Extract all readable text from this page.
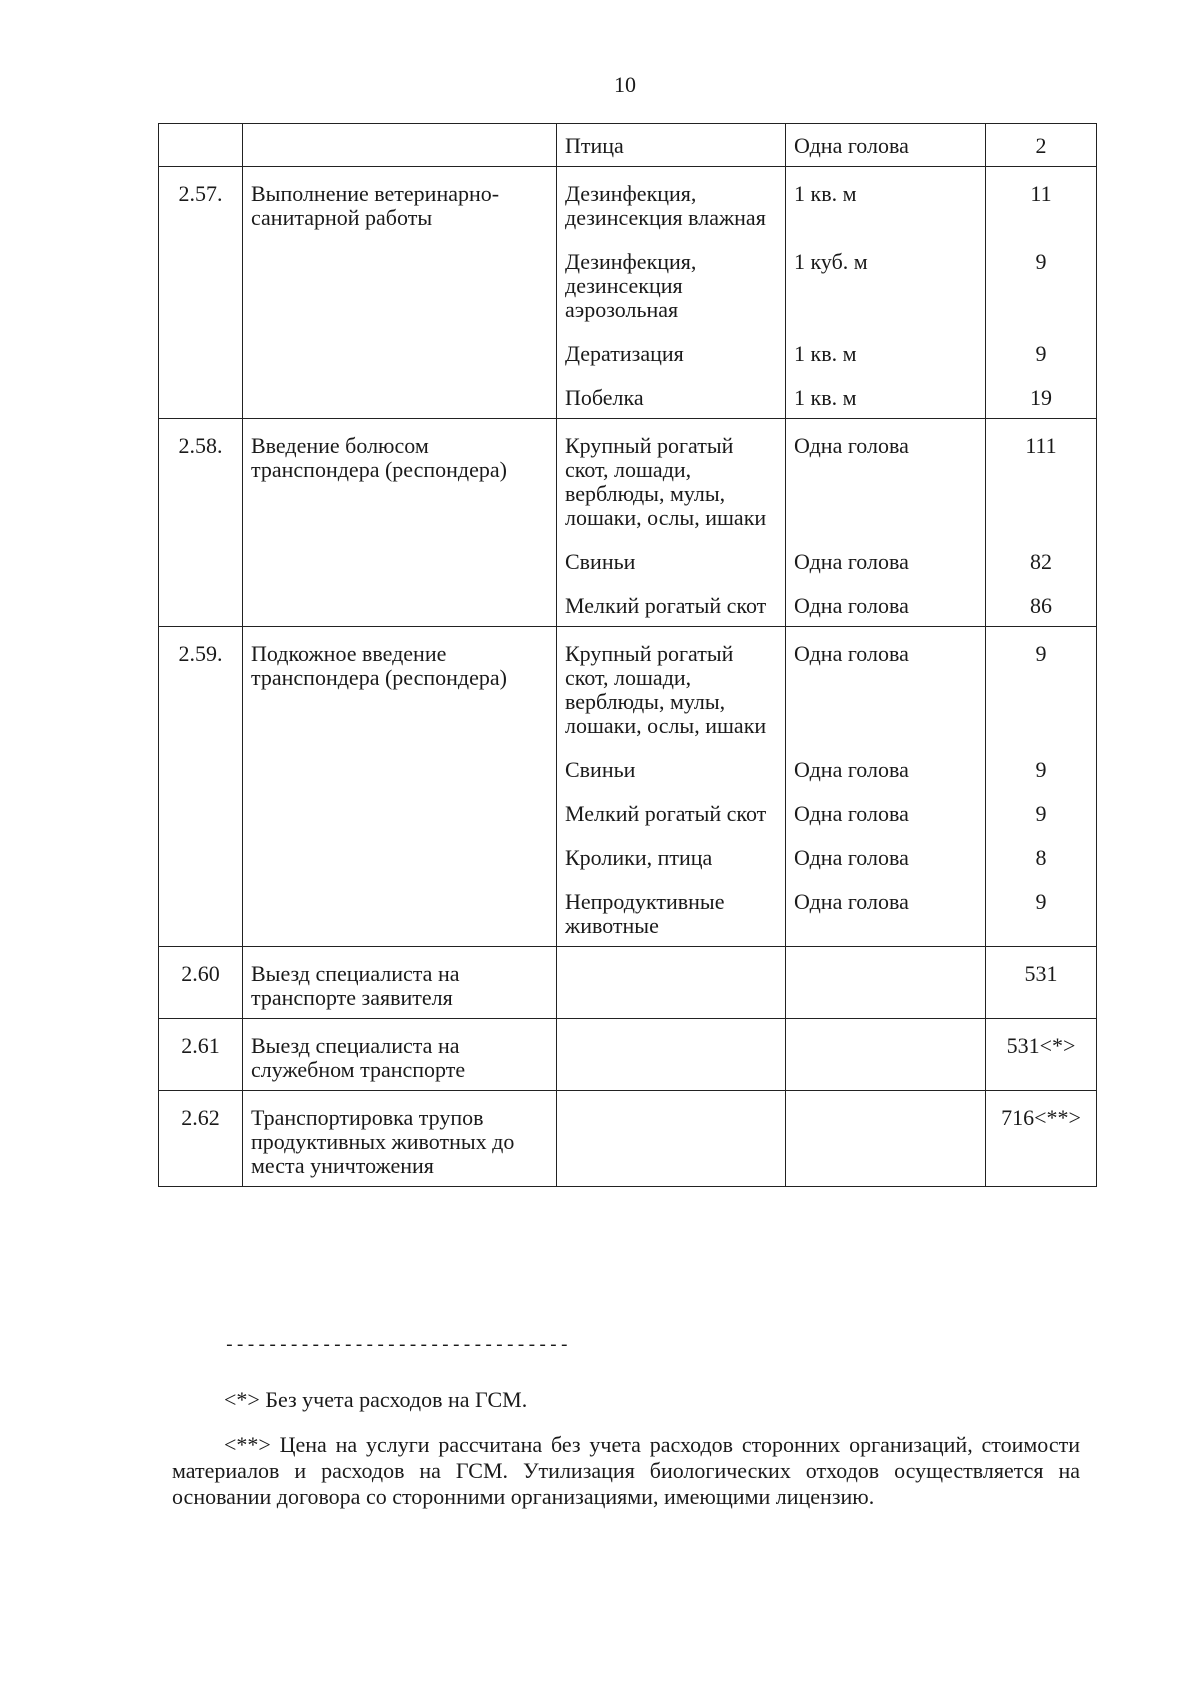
10
		Птица	Одна голова	2
2.57.	Выполнение ветеринарно-санитарной работы	Дезинфекция, дезинсекция влажная	1 кв. м	11
		Дезинфекция, дезинсекция аэрозольная	1 куб. м	9
		Дератизация	1 кв. м	9
		Побелка	1 кв. м	19
2.58.	Введение болюсом транспондера (респондера)	Крупный рогатый скот, лошади, верблюды, мулы, лошаки, ослы, ишаки	Одна голова	111
		Свиньи	Одна голова	82
		Мелкий рогатый скот	Одна голова	86
2.59.	Подкожное введение транспондера (респондера)	Крупный рогатый скот, лошади, верблюды, мулы, лошаки, ослы, ишаки	Одна голова	9
		Свиньи	Одна голова	9
		Мелкий рогатый скот	Одна голова	9
		Кролики, птица	Одна голова	8
		Непродуктивные животные	Одна голова	9
2.60	Выезд специалиста на транспорте заявителя			531
2.61	Выезд специалиста на служебном транспорте			531<*>
2.62	Транспортировка трупов продуктивных животных до места уничтожения			716<**>
--------------------------------
<*> Без учета расходов на ГСМ.
<**> Цена на услуги рассчитана без учета расходов сторонних организаций, стоимости материалов и расходов на ГСМ. Утилизация биологических отходов осуществляется на основании договора со сторонними организациями, имеющими лицензию.
